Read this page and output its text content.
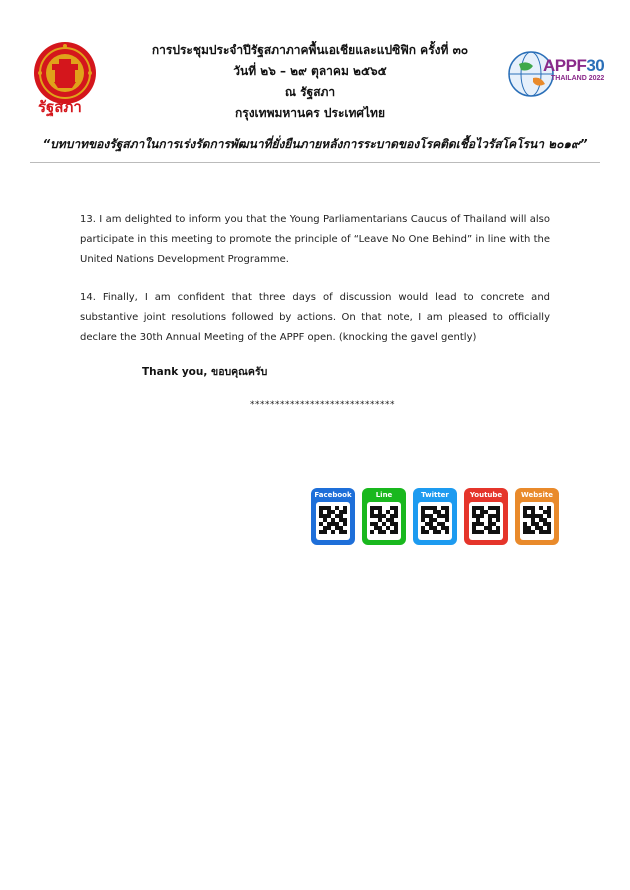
รัฐสภา
APPF30
THAILAND 2022
การประชุมประจำปีรัฐสภาภาคพื้นเอเชียและแปซิฟิก ครั้งที่ ๓๐
วันที่ ๒๖ – ๒๙ ตุลาคม ๒๕๖๕
ณ รัฐสภา
กรุงเทพมหานคร ประเทศไทย
“บทบาทของรัฐสภาในการเร่งรัดการพัฒนาที่ยั่งยืนภายหลังการระบาดของโรคติดเชื้อไวรัสโคโรนา ๒๐๑๙”
13. I am delighted to inform you that the Young Parliamentarians Caucus of Thailand will also participate in this meeting to promote the principle of “Leave No One Behind” in line with the United Nations Development Programme.
14. Finally, I am confident that three days of discussion would lead to concrete and substantive joint resolutions followed by actions. On that note, I am pleased to officially declare the 30th Annual Meeting of the APPF open. (knocking the gavel gently)
Thank you, ขอบคุณครับ
*****************************
Facebook	Line	Twitter	Youtube	Website
